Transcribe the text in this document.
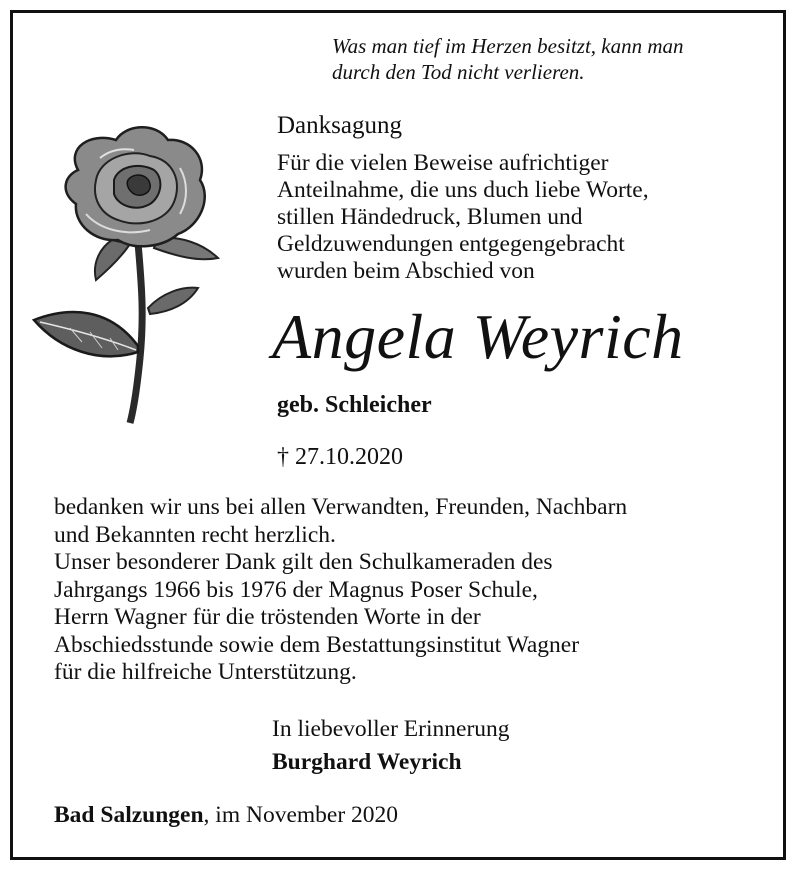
Was man tief im Herzen besitzt, kann man
durch den Tod nicht verlieren.
Danksagung
Für die vielen Beweise aufrichtiger
Anteilnahme, die uns duch liebe Worte,
stillen Händedruck, Blumen und
Geldzuwendungen entgegengebracht
wurden beim Abschied von
Angela Weyrich
geb. Schleicher
† 27.10.2020
bedanken wir uns bei allen Verwandten, Freunden, Nachbarn
und Bekannten recht herzlich.
Unser besonderer Dank gilt den Schulkameraden des
Jahrgangs 1966 bis 1976 der Magnus Poser Schule,
Herrn Wagner für die tröstenden Worte in der
Abschiedsstunde sowie dem Bestattungsinstitut Wagner
für die hilfreiche Unterstützung.
In liebevoller Erinnerung
Burghard Weyrich
Bad Salzungen, im November 2020
